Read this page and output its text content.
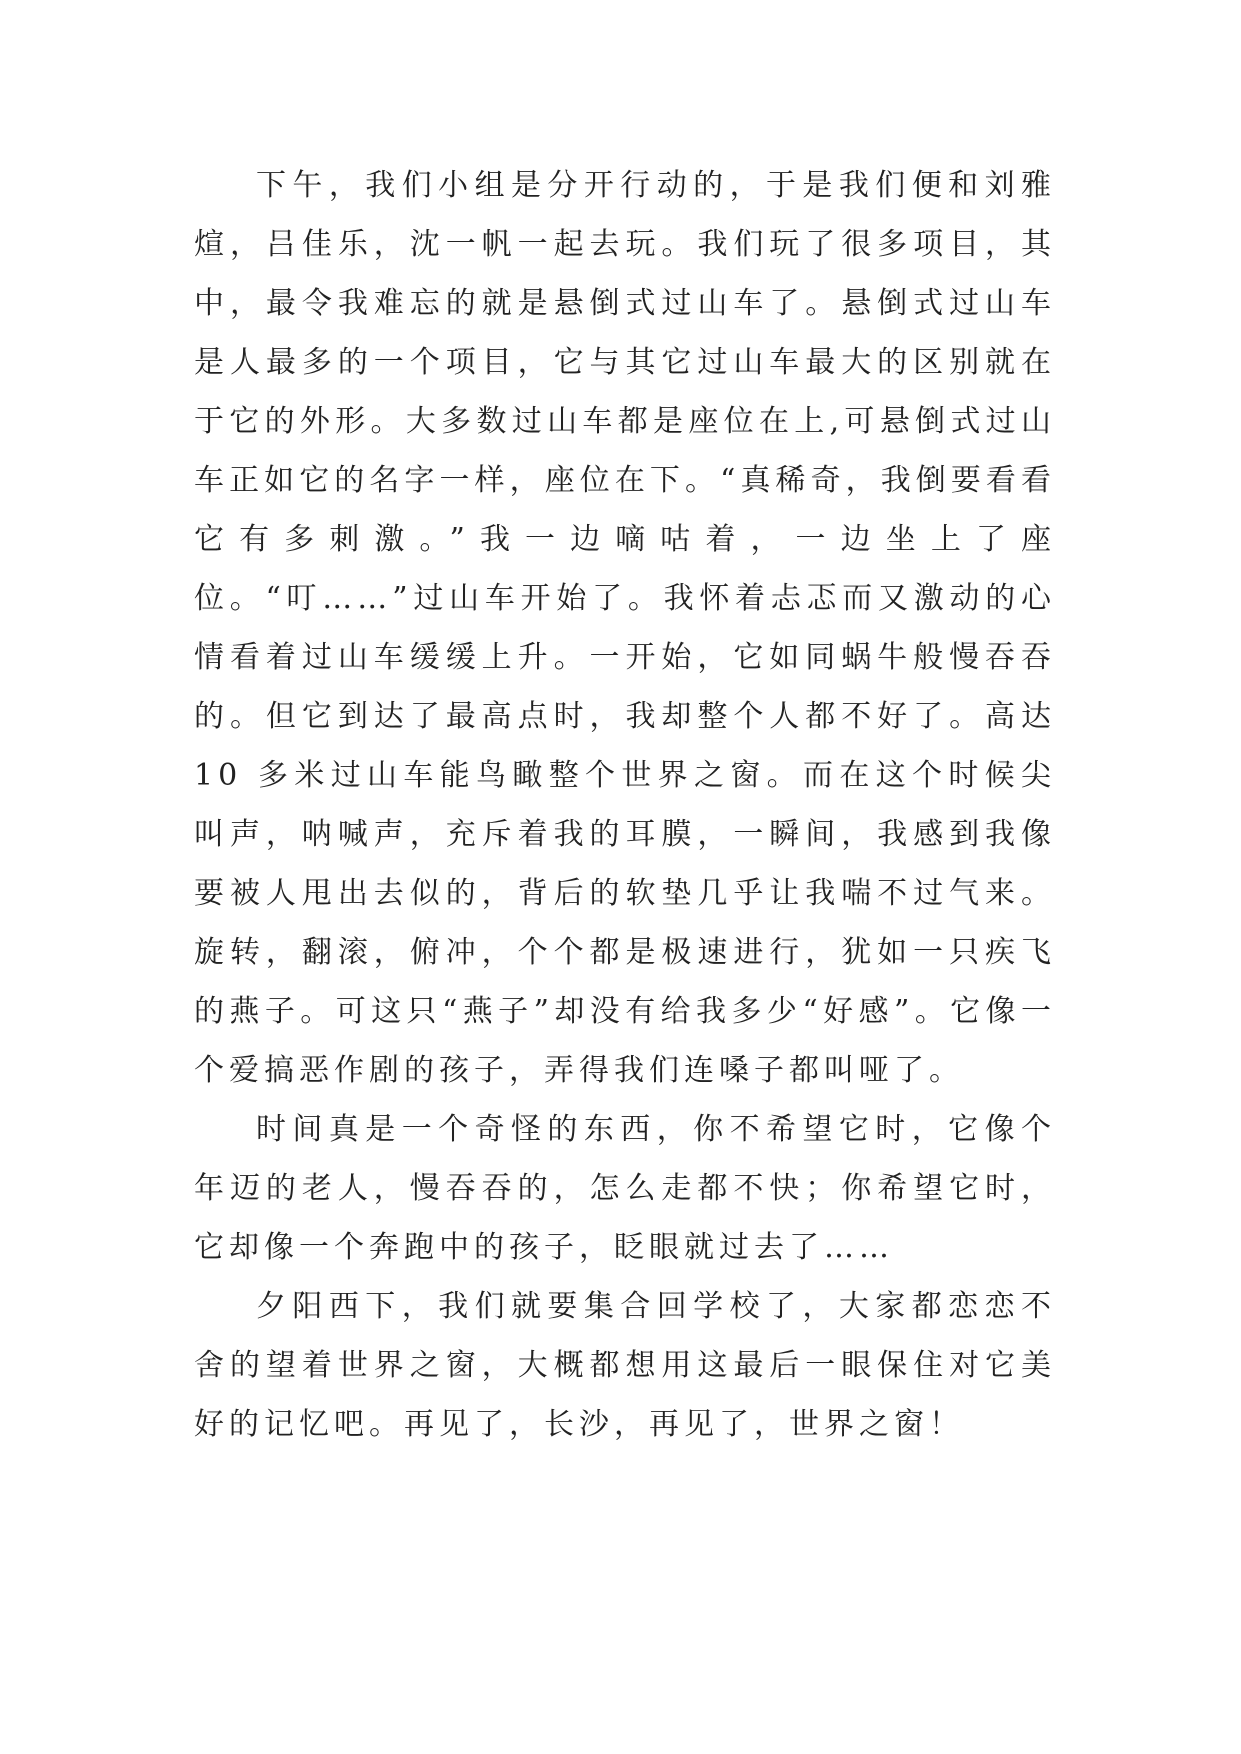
下午，我们小组是分开行动的，于是我们便和刘雅煊，吕佳乐，沈一帆一起去玩。我们玩了很多项目，其中，最令我难忘的就是悬倒式过山车了。悬倒式过山车是人最多的一个项目，它与其它过山车最大的区别就在于它的外形。大多数过山车都是座位在上,可悬倒式过山车正如它的名字一样，座位在下。“真稀奇，我倒要看看它有多刺激。”我一边嘀咕着，一边坐上了座位。“叮……”过山车开始了。我怀着忐忑而又激动的心情看着过山车缓缓上升。一开始，它如同蜗牛般慢吞吞的。但它到达了最高点时，我却整个人都不好了。高达 10 多米过山车能鸟瞰整个世界之窗。而在这个时候尖叫声，呐喊声，充斥着我的耳膜，一瞬间，我感到我像要被人甩出去似的，背后的软垫几乎让我喘不过气来。旋转，翻滚，俯冲，个个都是极速进行，犹如一只疾飞的燕子。可这只“燕子”却没有给我多少“好感”。它像一个爱搞恶作剧的孩子，弄得我们连嗓子都叫哑了。

时间真是一个奇怪的东西，你不希望它时，它像个年迈的老人，慢吞吞的，怎么走都不快；你希望它时，它却像一个奔跑中的孩子，眨眼就过去了……

夕阳西下，我们就要集合回学校了，大家都恋恋不舍的望着世界之窗，大概都想用这最后一眼保住对它美好的记忆吧。再见了，长沙，再见了，世界之窗！
